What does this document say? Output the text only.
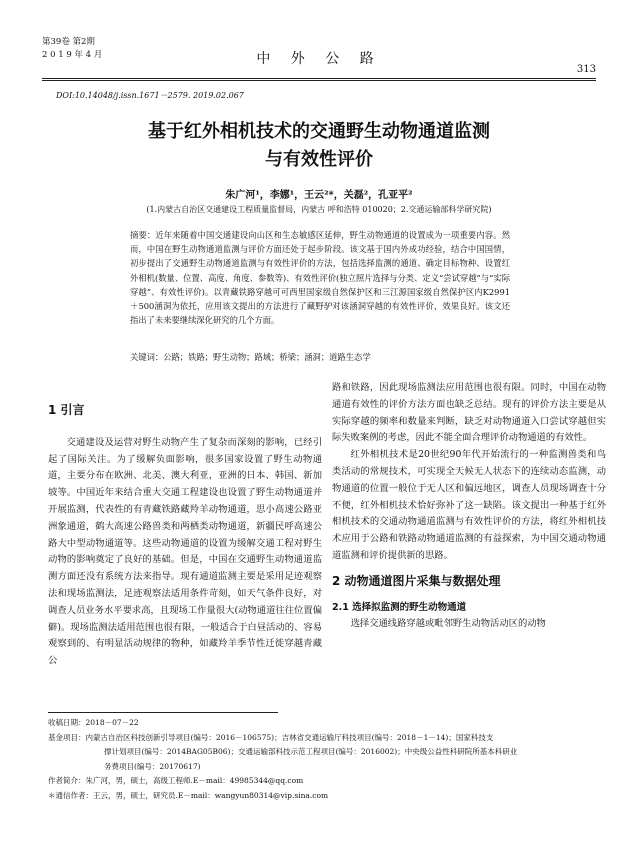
第39卷 第2期
2 0 1 9 年 4 月	中 外 公 路
313
DOI:10.14048/j.issn.1671－2579. 2019.02.067
基于红外相机技术的交通野生动物通道监测
与有效性评价
朱广河¹，李娜¹，王云²*，关磊²，孔亚平²
(1.内蒙古自治区交通建设工程质量监督局，内蒙古 呼和浩特 010020；2.交通运输部科学研究院)
摘要：近年来随着中国交通建设向山区和生态敏感区延伸，野生动物通道的设置成为一项重要内容。然而，中国在野生动物通道监测与评价方面还处于起步阶段。该文基于国内外成功经验，结合中国国情，初步提出了交通野生动物通道监测与有效性评价的方法，包括选择监测的通道、确定目标物种、设置红外相机(数量、位置、高度、角度、参数等)、有效性评价(独立照片选择与分类、定义“尝试穿越”与“实际穿越”、有效性评价)。以青藏铁路穿越可可西里国家级自然保护区和三江源国家级自然保护区内K2991＋500涵洞为依托，应用该文提出的方法进行了藏野驴对该涵洞穿越的有效性评价，效果良好。该文还指出了未来要继续深化研究的几个方面。
关键词：公路；铁路；野生动物；路域；桥梁；涵洞；道路生态学
1 引言

交通建设及运营对野生动物产生了复杂而深刻的影响，已经引起了国际关注。为了缓解负面影响，很多国家设置了野生动物通道，主要分布在欧洲、北美、澳大利亚，亚洲的日本、韩国、新加坡等。中国近年来结合重大交通工程建设也设置了野生动物通道并开展监测，代表性的有青藏铁路藏羚羊动物通道，思小高速公路亚洲象通道，鹤大高速公路兽类和两栖类动物通道，新疆民呼高速公路大中型动物通道等。这些动物通道的设置为缓解交通工程对野生动物的影响奠定了良好的基础。但是，中国在交通野生动物通道监测方面还没有系统方法来指导。现有通道监测主要是采用足迹观察法和现场监测法，足迹观察法适用条件苛刻，如天气条件良好，对调查人员业务水平要求高，且现场工作量很大(动物通道往往位置偏僻)。现场监测法适用范围也很有限，一般适合于白昼活动的、容易观察到的、有明显活动规律的物种，如藏羚羊季节性迁徙穿越青藏公

路和铁路，因此现场监测法应用范围也很有限。同时，中国在动物通道有效性的评价方法方面也缺乏总结。现有的评价方法主要是从实际穿越的频率和数量来判断，缺乏对动物通道入口尝试穿越但实际失败案例的考虑，因此不能全面合理评价动物通道的有效性。

红外相机技术是20世纪90年代开始流行的一种监测兽类和鸟类活动的常规技术，可实现全天候无人状态下的连续动态监测，动物通道的位置一般位于无人区和偏远地区，调查人员现场调查十分不便，红外相机技术恰好弥补了这一缺陷。该文提出一种基于红外相机技术的交通动物通道监测与有效性评价的方法，将红外相机技术应用于公路和铁路动物通道监测的有益探索，为中国交通动物通道监测和评价提供新的思路。

2 动物通道图片采集与数据处理
2.1 选择拟监测的野生动物通道

选择交通线路穿越或毗邻野生动物活动区的动物

收稿日期：2018－07－22
基金项目：内蒙古自治区科技创新引导项目(编号：2016－106575)；吉林省交通运输厅科技项目(编号：2018－1－14)；国家科技支
撑计划项目(编号：2014BAG05B06)；交通运输部科技示范工程项目(编号：2016002)；中央级公益性科研院所基本科研业
务费项目(编号：20170617)
作者简介：朱广河，男，硕士，高级工程师.E－mail：49985344@qq.com
＊通信作者：王云，男，硕士，研究员.E－mail：wangyun80314@vip.sina.com
